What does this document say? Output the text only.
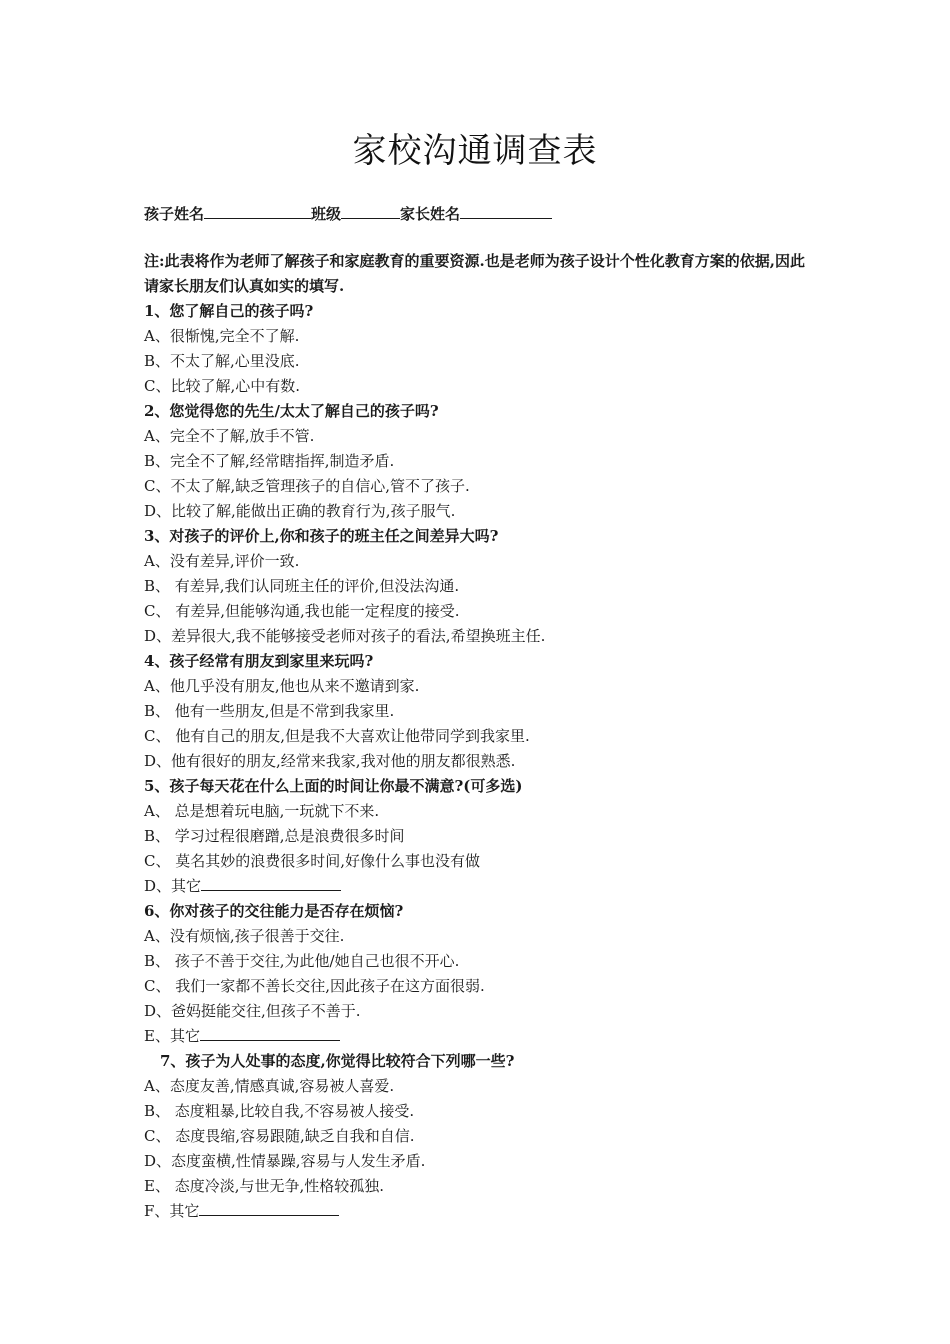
家校沟通调查表
孩子姓名	班级	家长姓名

注:此表将作为老师了解孩子和家庭教育的重要资源.也是老师为孩子设计个性化教育方案的依据,因此请家长朋友们认真如实的填写.

1、您了解自己的孩子吗?
A、很惭愧,完全不了解.
B、不太了解,心里没底.
C、比较了解,心中有数.
2、您觉得您的先生/太太了解自己的孩子吗?
A、完全不了解,放手不管.
B、完全不了解,经常瞎指挥,制造矛盾.
C、不太了解,缺乏管理孩子的自信心,管不了孩子.
D、比较了解,能做出正确的教育行为,孩子服气.
3、对孩子的评价上,你和孩子的班主任之间差异大吗?
A、没有差异,评价一致.
B、 有差异,我们认同班主任的评价,但没法沟通.
C、 有差异,但能够沟通,我也能一定程度的接受.
D、差异很大,我不能够接受老师对孩子的看法,希望换班主任.
4、孩子经常有朋友到家里来玩吗?
A、他几乎没有朋友,他也从来不邀请到家.
B、 他有一些朋友,但是不常到我家里.
C、 他有自己的朋友,但是我不大喜欢让他带同学到我家里.
D、他有很好的朋友,经常来我家,我对他的朋友都很熟悉.
5、孩子每天花在什么上面的时间让你最不满意?(可多选)
A、 总是想着玩电脑,一玩就下不来.
B、 学习过程很磨蹭,总是浪费很多时间
C、 莫名其妙的浪费很多时间,好像什么事也没有做
D、其它
6、你对孩子的交往能力是否存在烦恼?
A、没有烦恼,孩子很善于交往.
B、 孩子不善于交往,为此他/她自己也很不开心.
C、 我们一家都不善长交往,因此孩子在这方面很弱.
D、爸妈挺能交往,但孩子不善于.
E、其它
7、孩子为人处事的态度,你觉得比较符合下列哪一些?
A、态度友善,情感真诚,容易被人喜爱.
B、 态度粗暴,比较自我,不容易被人接受.
C、 态度畏缩,容易跟随,缺乏自我和自信.
D、态度蛮横,性情暴躁,容易与人发生矛盾.
E、 态度冷淡,与世无争,性格较孤独.
F、其它
